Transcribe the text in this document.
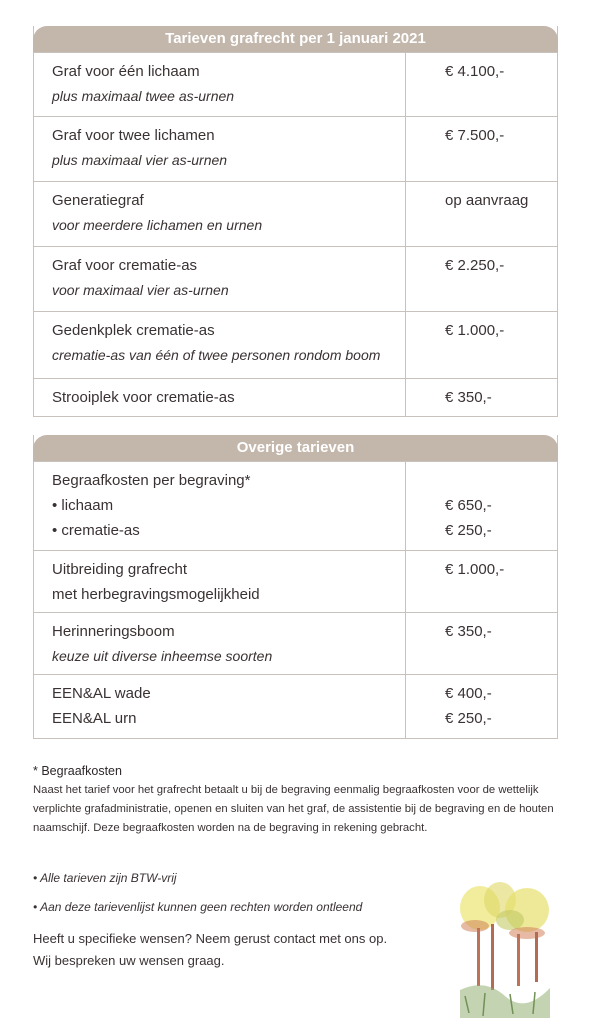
Tarieven grafrecht per 1 januari 2021
Graf voor één lichaam
plus maximaal twee as-urnen
€ 4.100,-
Graf voor twee lichamen
plus maximaal vier as-urnen
€ 7.500,-
Generatiegraf
voor meerdere lichamen en urnen
op aanvraag
Graf voor crematie-as
voor maximaal vier as-urnen
€ 2.250,-
Gedenkplek crematie-as
crematie-as van één of twee personen rondom boom
€ 1.000,-
Strooiplek voor crematie-as	€ 350,-
Overige tarieven
Begraafkosten per begraving*
• lichaam
• crematie-as

€ 650,-
€ 250,-
Uitbreiding grafrecht
met herbegravingsmogelijkheid
€ 1.000,-
Herinneringsboom
keuze uit diverse inheemse soorten
€ 350,-
EEN&AL wade
EEN&AL urn
€ 400,-
€ 250,-
* Begraafkosten
Naast het tarief voor het grafrecht betaalt u bij de begraving eenmalig begraafkosten voor de wettelijk verplichte grafadministratie, openen en sluiten van het graf, de assistentie bij de begraving en de houten naamschijf. Deze begraafkosten worden na de begraving in rekening gebracht.
• Alle tarieven zijn BTW-vrij
• Aan deze tarievenlijst kunnen geen rechten worden ontleend
Heeft u specifieke wensen? Neem gerust contact met ons op.
Wij bespreken uw wensen graag.
